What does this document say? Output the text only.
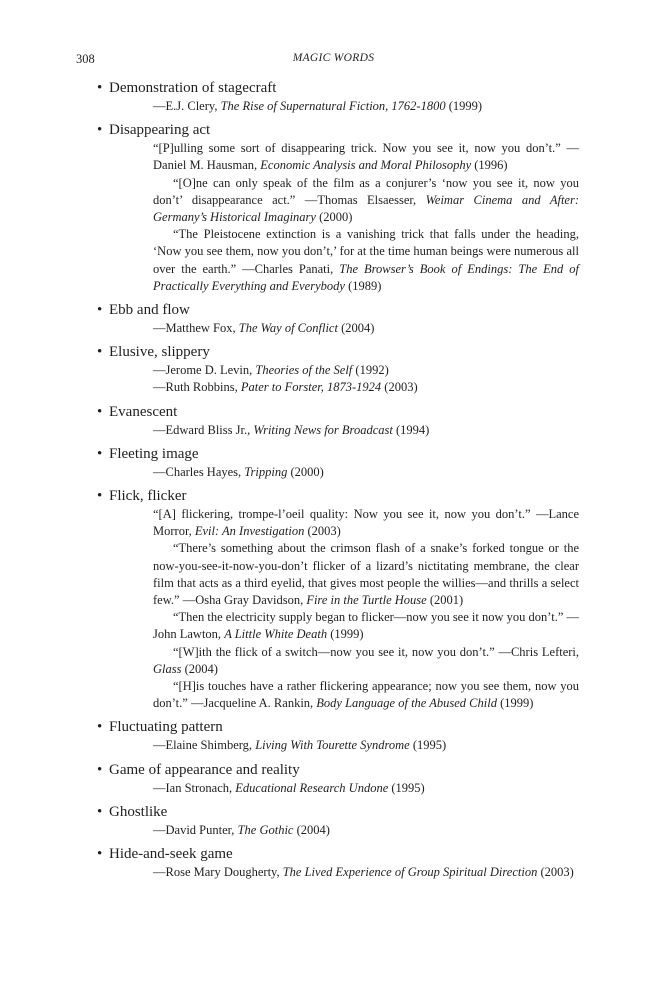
308	MAGIC WORDS
• Demonstration of stagecraft
— E.J. Clery, The Rise of Supernatural Fiction, 1762-1800 (1999)
• Disappearing act
“[P]ulling some sort of disappearing trick. Now you see it, now you don’t.” — Daniel M. Hausman, Economic Analysis and Moral Philosophy (1996)
“[O]ne can only speak of the film as a conjurer’s ‘now you see it, now you don’t’ disappearance act.” — Thomas Elsaesser, Weimar Cinema and After: Germany’s Historical Imaginary (2000)
“The Pleistocene extinction is a vanishing trick that falls under the heading, ‘Now you see them, now you don’t,’ for at the time human beings were numerous all over the earth.” — Charles Panati, The Browser’s Book of Endings: The End of Practically Everything and Everybody (1989)
• Ebb and flow
— Matthew Fox, The Way of Conflict (2004)
• Elusive, slippery
— Jerome D. Levin, Theories of the Self (1992)
— Ruth Robbins, Pater to Forster, 1873-1924 (2003)
• Evanescent
— Edward Bliss Jr., Writing News for Broadcast (1994)
• Fleeting image
— Charles Hayes, Tripping (2000)
• Flick, flicker
“[A] flickering, trompe-l’oeil quality: Now you see it, now you don’t.” — Lance Morror, Evil: An Investigation (2003)
“There’s something about the crimson flash of a snake’s forked tongue or the now-you-see-it-now-you-don’t flicker of a lizard’s nictitating membrane, the clear film that acts as a third eyelid, that gives most people the willies—and thrills a select few.” — Osha Gray Davidson, Fire in the Turtle House (2001)
“Then the electricity supply began to flicker—now you see it now you don’t.” — John Lawton, A Little White Death (1999)
“[W]ith the flick of a switch—now you see it, now you don’t.” — Chris Lefteri, Glass (2004)
“[H]is touches have a rather flickering appearance; now you see them, now you don’t.” — Jacqueline A. Rankin, Body Language of the Abused Child (1999)
• Fluctuating pattern
— Elaine Shimberg, Living With Tourette Syndrome (1995)
• Game of appearance and reality
— Ian Stronach, Educational Research Undone (1995)
• Ghostlike
— David Punter, The Gothic (2004)
• Hide-and-seek game
— Rose Mary Dougherty, The Lived Experience of Group Spiritual Direction (2003)
